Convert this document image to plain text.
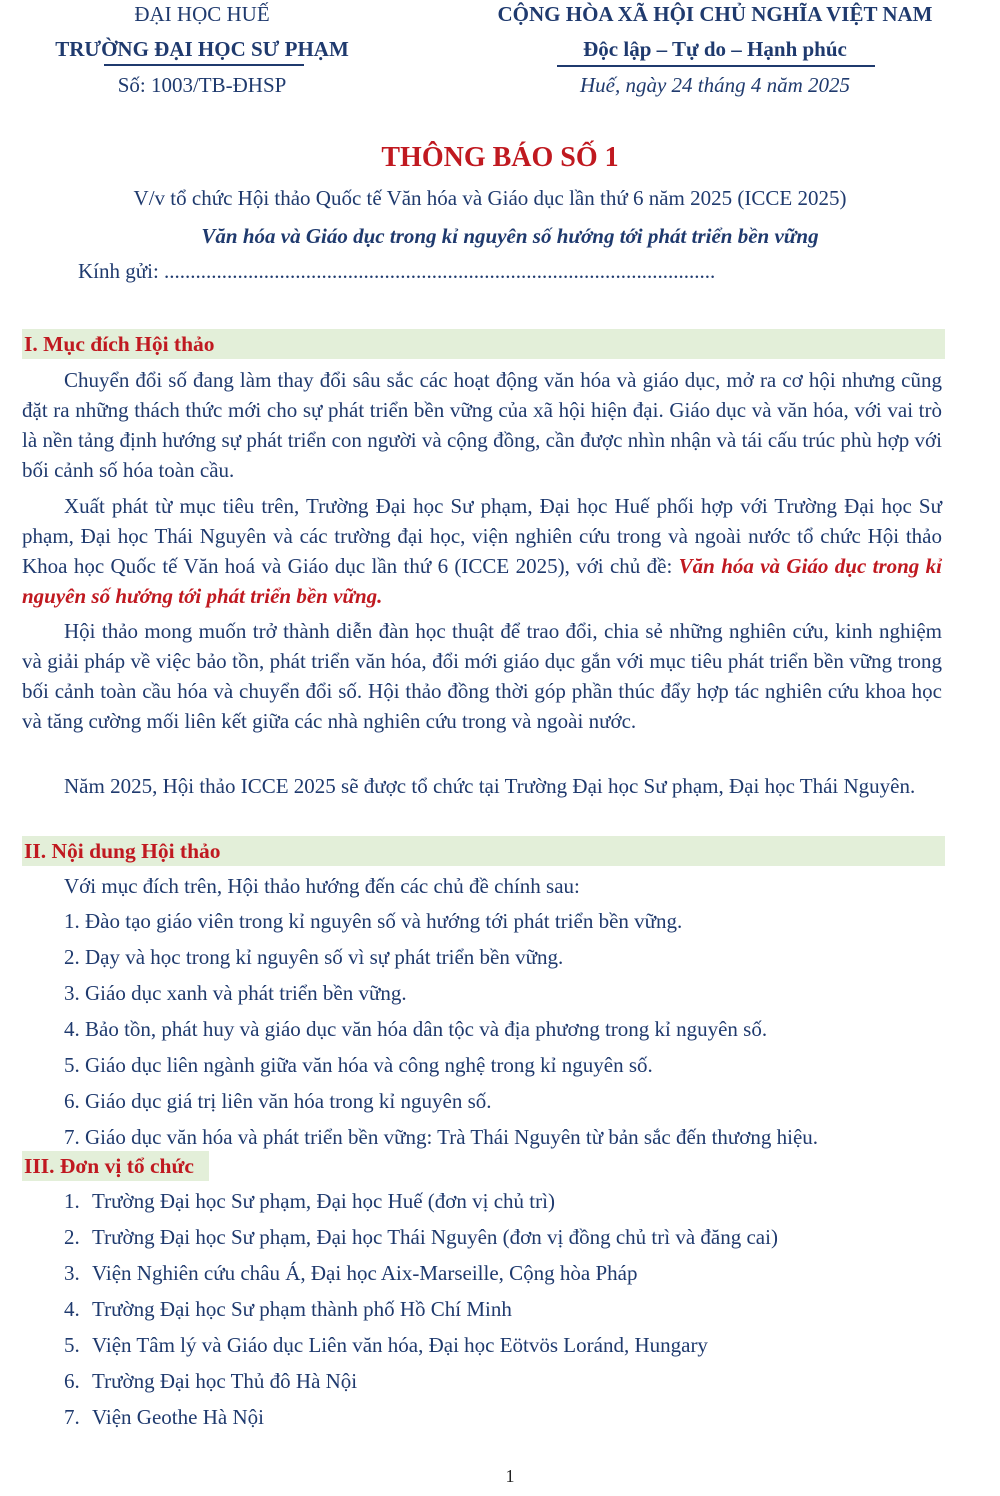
ĐẠI HỌC HUẾ
TRƯỜNG ĐẠI HỌC SƯ PHẠM
Số: 1003/TB-ĐHSP
CỘNG HÒA XÃ HỘI CHỦ NGHĨA VIỆT NAM
Độc lập – Tự do – Hạnh phúc
Huế, ngày 24 tháng 4 năm 2025
THÔNG BÁO SỐ 1
V/v tổ chức Hội thảo Quốc tế Văn hóa và Giáo dục lần thứ 6 năm 2025 (ICCE 2025)
Văn hóa và Giáo dục trong kỉ nguyên số hướng tới phát triển bền vững
Kính gửi: .........................................................................................................
I. Mục đích Hội thảo
Chuyển đổi số đang làm thay đổi sâu sắc các hoạt động văn hóa và giáo dục, mở ra cơ hội nhưng cũng đặt ra những thách thức mới cho sự phát triển bền vững của xã hội hiện đại. Giáo dục và văn hóa, với vai trò là nền tảng định hướng sự phát triển con người và cộng đồng, cần được nhìn nhận và tái cấu trúc phù hợp với bối cảnh số hóa toàn cầu.
Xuất phát từ mục tiêu trên, Trường Đại học Sư phạm, Đại học Huế phối hợp với Trường Đại học Sư phạm, Đại học Thái Nguyên và các trường đại học, viện nghiên cứu trong và ngoài nước tổ chức Hội thảo Khoa học Quốc tế Văn hoá và Giáo dục lần thứ 6 (ICCE 2025), với chủ đề: Văn hóa và Giáo dục trong kỉ nguyên số hướng tới phát triển bền vững.
Hội thảo mong muốn trở thành diễn đàn học thuật để trao đổi, chia sẻ những nghiên cứu, kinh nghiệm và giải pháp về việc bảo tồn, phát triển văn hóa, đổi mới giáo dục gắn với mục tiêu phát triển bền vững trong bối cảnh toàn cầu hóa và chuyển đổi số. Hội thảo đồng thời góp phần thúc đẩy hợp tác nghiên cứu khoa học và tăng cường mối liên kết giữa các nhà nghiên cứu trong và ngoài nước.
Năm 2025, Hội thảo ICCE 2025 sẽ được tổ chức tại Trường Đại học Sư phạm, Đại học Thái Nguyên.
II. Nội dung Hội thảo
Với mục đích trên, Hội thảo hướng đến các chủ đề chính sau:
1. Đào tạo giáo viên trong kỉ nguyên số và hướng tới phát triển bền vững.
2. Dạy và học trong kỉ nguyên số vì sự phát triển bền vững.
3. Giáo dục xanh và phát triển bền vững.
4. Bảo tồn, phát huy và giáo dục văn hóa dân tộc và địa phương trong kỉ nguyên số.
5. Giáo dục liên ngành giữa văn hóa và công nghệ trong kỉ nguyên số.
6. Giáo dục giá trị liên văn hóa trong kỉ nguyên số.
7. Giáo dục văn hóa và phát triển bền vững: Trà Thái Nguyên từ bản sắc đến thương hiệu.
III. Đơn vị tổ chức
1. Trường Đại học Sư phạm, Đại học Huế (đơn vị chủ trì)
2. Trường Đại học Sư phạm, Đại học Thái Nguyên (đơn vị đồng chủ trì và đăng cai)
3. Viện Nghiên cứu châu Á, Đại học Aix-Marseille, Cộng hòa Pháp
4. Trường Đại học Sư phạm thành phố Hồ Chí Minh
5. Viện Tâm lý và Giáo dục Liên văn hóa, Đại học Eötvös Loránd, Hungary
6. Trường Đại học Thủ đô Hà Nội
7. Viện Geothe Hà Nội
1
